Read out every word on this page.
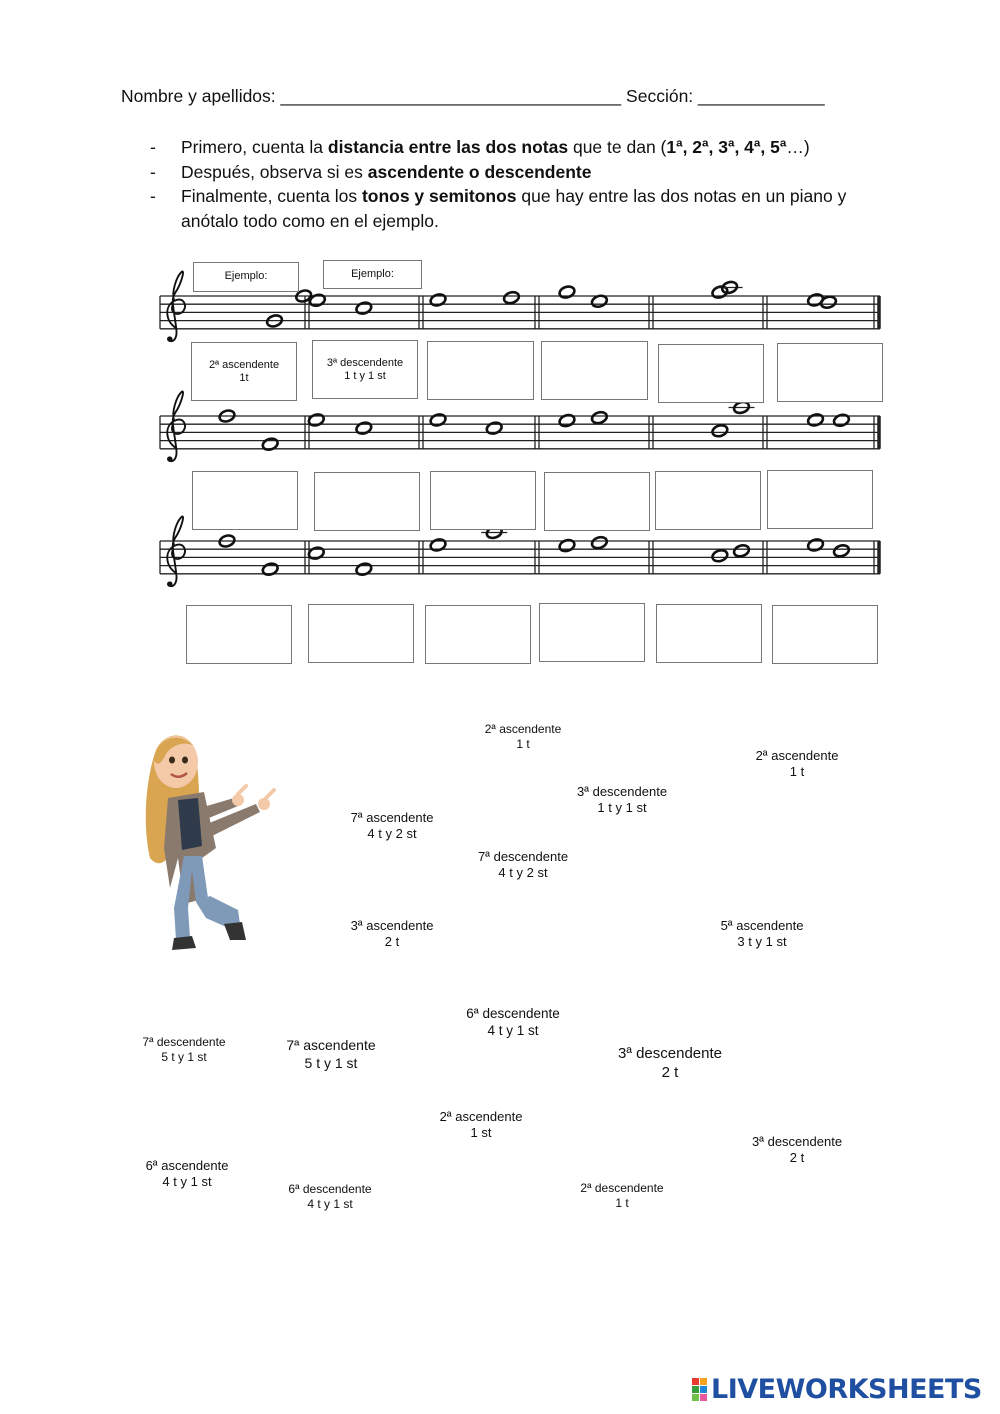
Nombre y apellidos: ___________________________________ Sección: _____________
- Primero, cuenta la distancia entre las dos notas que te dan (1ª, 2ª, 3ª, 4ª, 5ª…)
- Después, observa si es ascendente o descendente
- Finalmente, cuenta los tonos y semitonos que hay entre las dos notas en un piano y anótalo todo como en el ejemplo.
2ª ascendente
1t
3ª descendente
1 t y 1 st
Ejemplo:	Ejemplo:
2ª ascendente
1 t
2ª ascendente
1 t
3ª descendente
1 t y 1 st
7ª ascendente
4 t y 2 st
7ª descendente
4 t y 2 st
3ª ascendente
2 t
5ª ascendente
3 t y 1 st
6ª descendente
4 t y 1 st
7ª descendente
5 t y 1 st
7ª ascendente
5 t y 1 st
3ª descendente
2 t
2ª ascendente
1 st
3ª descendente
2 t
6ª ascendente
4 t y 1 st	6ª descendente
4 t y 1 st
2ª descendente
1 t
LIVEWORKSHEETS
